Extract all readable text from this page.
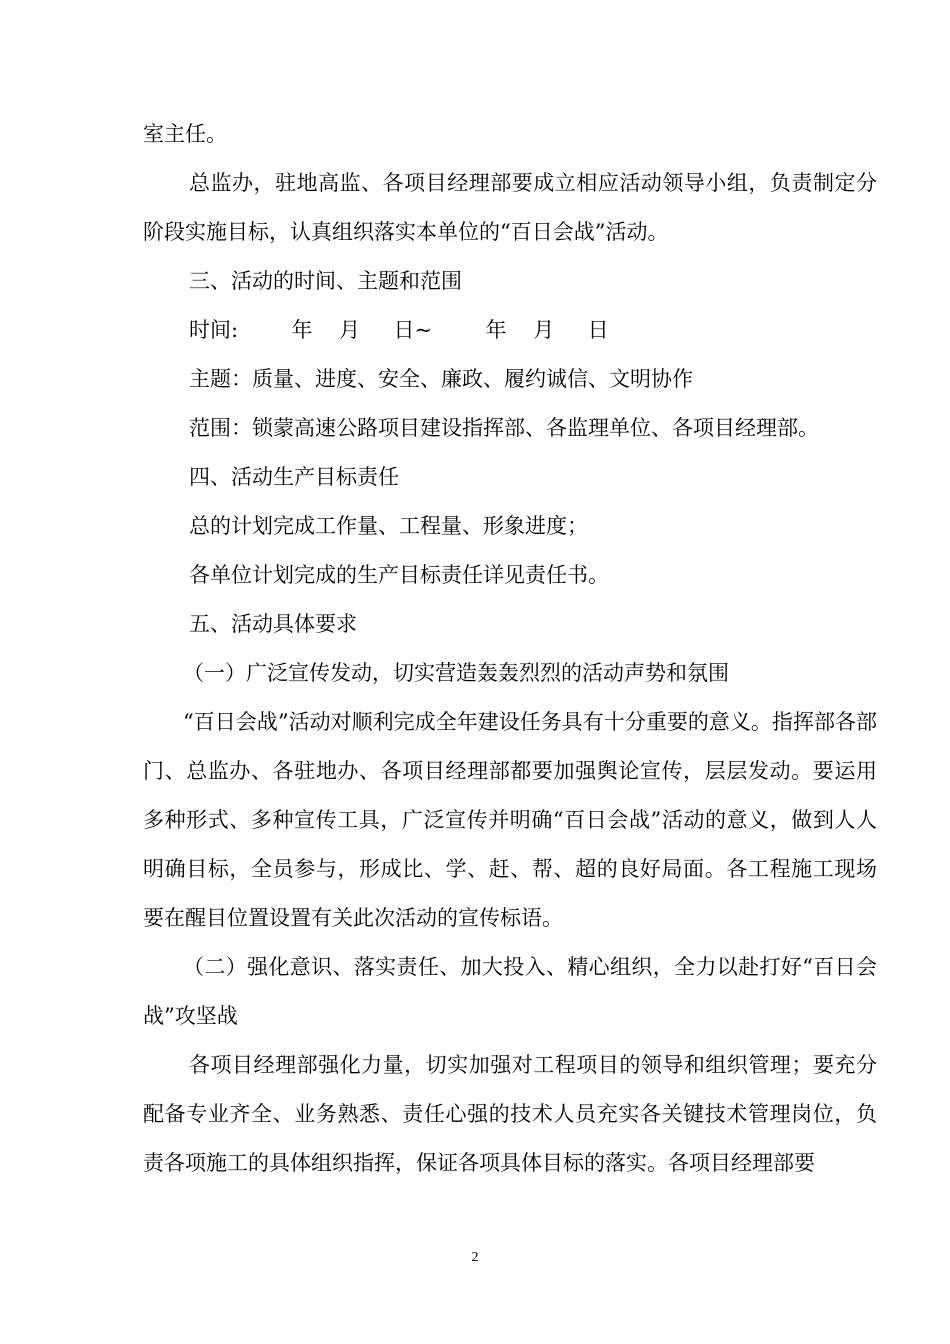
室主任。

总监办，驻地高监、各项目经理部要成立相应活动领导小组，负责制定分阶段实施目标，认真组织落实本单位的“百日会战”活动。

三、活动的时间、主题和范围

时间:        年    月     日~        年    月     日

主题：质量、进度、安全、廉政、履约诚信、文明协作

范围：锁蒙高速公路项目建设指挥部、各监理单位、各项目经理部。

四、活动生产目标责任

总的计划完成工作量、工程量、形象进度；

各单位计划完成的生产目标责任详见责任书。

五、活动具体要求

（一）广泛宣传发动，切实营造轰轰烈烈的活动声势和氛围

“百日会战”活动对顺利完成全年建设任务具有十分重要的意义。指挥部各部门、总监办、各驻地办、各项目经理部都要加强舆论宣传，层层发动。要运用多种形式、多种宣传工具，广泛宣传并明确“百日会战”活动的意义，做到人人明确目标，全员参与，形成比、学、赶、帮、超的良好局面。各工程施工现场要在醒目位置设置有关此次活动的宣传标语。

（二）强化意识、落实责任、加大投入、精心组织，全力以赴打好“百日会战”攻坚战

各项目经理部强化力量，切实加强对工程项目的领导和组织管理；要充分配备专业齐全、业务熟悉、责任心强的技术人员充实各关键技术管理岗位，负责各项施工的具体组织指挥，保证各项具体目标的落实。各项目经理部要

2
